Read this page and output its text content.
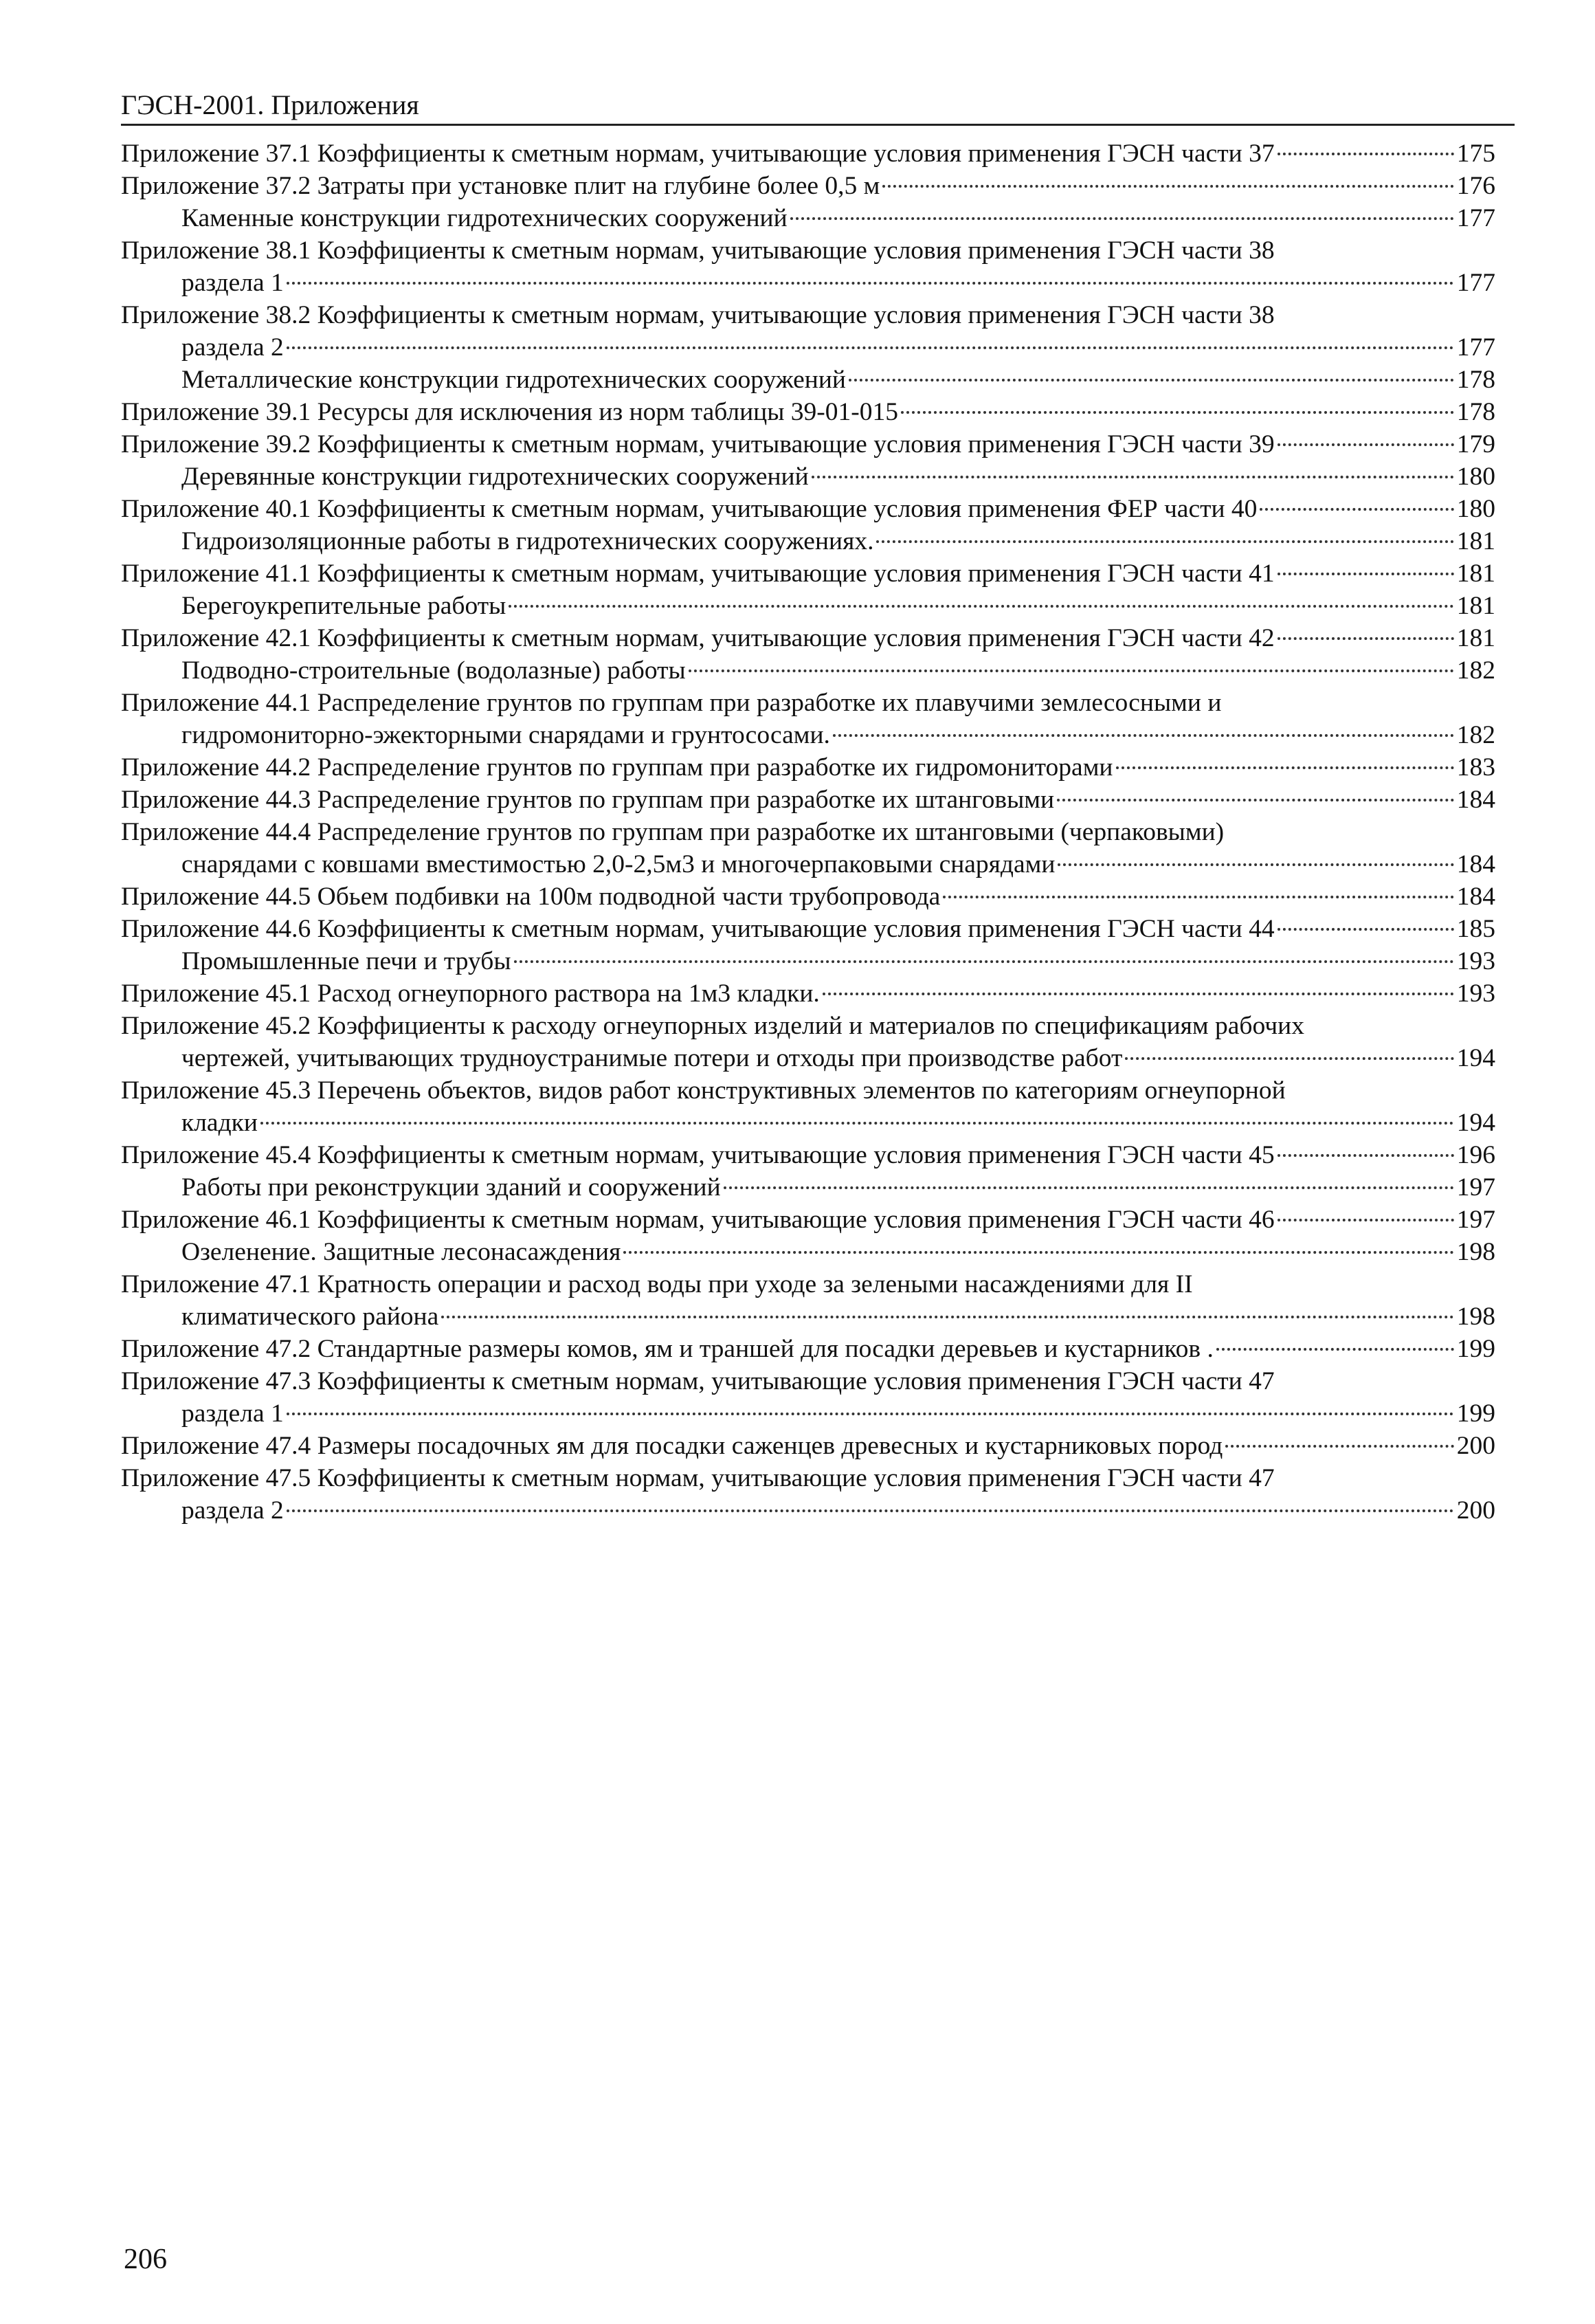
ГЭСН-2001. Приложения
Приложение 37.1 Коэффициенты к сметным нормам, учитывающие условия применения ГЭСН части 37	175
Приложение 37.2 Затраты при установке плит на глубине более 0,5 м	176
Каменные конструкции гидротехнических сооружений	177
Приложение 38.1 Коэффициенты к сметным нормам, учитывающие условия применения ГЭСН части 38
раздела 1	177
Приложение 38.2 Коэффициенты к сметным нормам, учитывающие условия применения ГЭСН части 38
раздела 2	177
Металлические конструкции гидротехнических сооружений	178
Приложение 39.1 Ресурсы для исключения из норм таблицы 39-01-015	178
Приложение 39.2 Коэффициенты к сметным нормам, учитывающие условия применения ГЭСН части 39	179
Деревянные конструкции гидротехнических сооружений	180
Приложение 40.1 Коэффициенты к сметным нормам, учитывающие условия применения ФЕР части 40	180
Гидроизоляционные работы в гидротехнических сооружениях.	181
Приложение 41.1 Коэффициенты к сметным нормам, учитывающие условия применения ГЭСН части 41	181
Берегоукрепительные работы	181
Приложение 42.1 Коэффициенты к сметным нормам, учитывающие условия применения ГЭСН части 42	181
Подводно-строительные (водолазные) работы	182
Приложение 44.1 Распределение грунтов по группам при разработке их плавучими землесосными и
гидромониторно-эжекторными снарядами и грунтососами.	182
Приложение 44.2 Распределение грунтов по группам при разработке их гидромониторами	183
Приложение 44.3 Распределение грунтов по группам при разработке их штанговыми	184
Приложение 44.4 Распределение грунтов по группам при разработке их штанговыми (черпаковыми)
снарядами с ковшами вместимостью 2,0-2,5м3 и многочерпаковыми снарядами	184
Приложение 44.5 Обьем подбивки на 100м подводной части трубопровода	184
Приложение 44.6 Коэффициенты к сметным нормам, учитывающие условия применения ГЭСН части 44	185
Промышленные печи и трубы	193
Приложение 45.1 Расход огнеупорного раствора на 1м3 кладки.	193
Приложение 45.2 Коэффициенты к расходу огнеупорных изделий и материалов по спецификациям рабочих
чертежей, учитывающих трудноустранимые потери и отходы при производстве работ	194
Приложение 45.3 Перечень объектов, видов работ конструктивных элементов по категориям огнеупорной
кладки	194
Приложение 45.4 Коэффициенты к сметным нормам, учитывающие условия применения ГЭСН части 45	196
Работы при реконструкции зданий и сооружений	197
Приложение 46.1 Коэффициенты к сметным нормам, учитывающие условия применения ГЭСН части 46	197
Озеленение. Защитные лесонасаждения	198
Приложение 47.1 Кратность операции и расход воды при уходе за зелеными насаждениями для II
климатического района	198
Приложение 47.2 Стандартные размеры комов, ям и траншей для посадки деревьев и кустарников .	199
Приложение 47.3 Коэффициенты к сметным нормам, учитывающие условия применения ГЭСН части 47
раздела 1	199
Приложение 47.4 Размеры посадочных ям для посадки саженцев древесных и кустарниковых пород	200
Приложение 47.5 Коэффициенты к сметным нормам, учитывающие условия применения ГЭСН части 47
раздела 2	200
206
